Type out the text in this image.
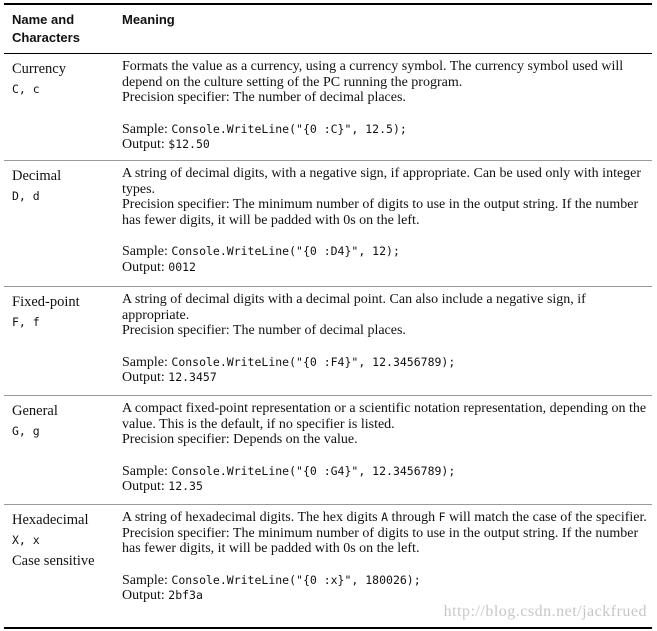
Name and Characters
Meaning
Currency
C, c

Formats the value as a currency, using a currency symbol. The currency symbol used will depend on the culture setting of the PC running the program.

Precision specifier: The number of decimal places.

Sample: Console.WriteLine("{0 :C}", 12.5);

Output: $12.50

Decimal
D, d

A string of decimal digits, with a negative sign, if appropriate. Can be used only with integer types.

Precision specifier: The minimum number of digits to use in the output string. If the number has fewer digits, it will be padded with 0s on the left.

Sample: Console.WriteLine("{0 :D4}", 12);

Output: 0012

Fixed-point
F, f

A string of decimal digits with a decimal point. Can also include a negative sign, if appropriate.

Precision specifier: The number of decimal places.

Sample: Console.WriteLine("{0 :F4}", 12.3456789);

Output: 12.3457

General
G, g

A compact fixed-point representation or a scientific notation representation, depending on the value. This is the default, if no specifier is listed.

Precision specifier: Depends on the value.

Sample: Console.WriteLine("{0 :G4}", 12.3456789);

Output: 12.35

Hexadecimal
X, x
Case sensitive

A string of hexadecimal digits. The hex digits A through F will match the case of the specifier.

Precision specifier: The minimum number of digits to use in the output string. If the number has fewer digits, it will be padded with 0s on the left.

Sample: Console.WriteLine("{0 :x}", 180026);

Output: 2bf3a

http://blog.csdn.net/jackfrued
